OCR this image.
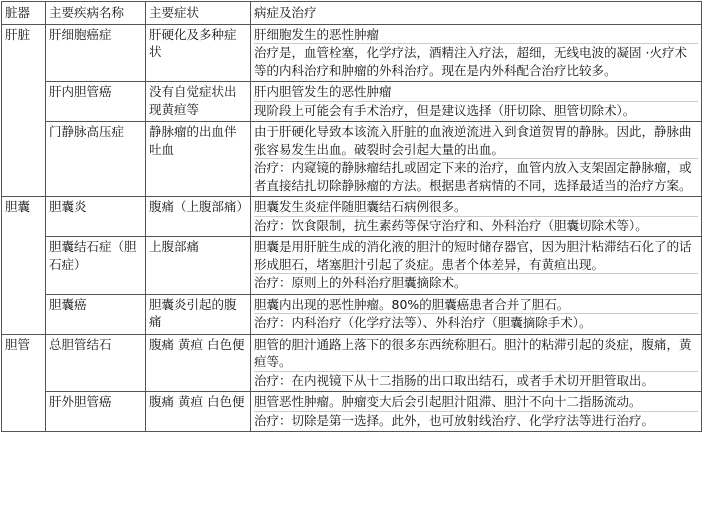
脏器	主要疾病名称	主要症状	病症及治疗
肝脏	肝细胞癌症	肝硬化及多种症状	肝细胞发生的恶性肿瘤
治疗是，血管栓塞，化学疗法，酒精注入疗法，超细，无线电波的凝固 ·火疗术等的内科治疗和肿瘤的外科治疗。现在是内外科配合治疗比较多。

	肝内胆管癌	没有自觉症状出现黄疸等	肝内胆管发生的恶性肿瘤
现阶段上可能会有手术治疗，但是建议选择（肝切除、胆管切除术）。

	门静脉高压症	静脉瘤的出血伴吐血	由于肝硬化导致本该流入肝脏的血液逆流进入到食道贺胃的静脉。因此，静脉曲张容易发生出血。破裂时会引起大量的出血。
治疗：内窥镜的静脉瘤结扎或固定下来的治疗，血管内放入支架固定静脉瘤，或者直接结扎切除静脉瘤的方法。根据患者病情的不同，选择最适当的治疗方案。

胆囊	胆囊炎	腹痛（上腹部痛）	胆囊发生炎症伴随胆囊结石病例很多。
治疗：饮食限制，抗生素药等保守治疗和、外科治疗（胆囊切除术等）。

	胆囊结石症（胆石症）	上腹部痛	胆囊是用肝脏生成的消化液的胆汁的短时储存器官，因为胆汁粘滞结石化了的话形成胆石，堵塞胆汁引起了炎症。患者个体差异，有黄疸出现。
治疗：原则上的外科治疗胆囊摘除术。

	胆囊癌	胆囊炎引起的腹痛	胆囊内出现的恶性肿瘤。80%的胆囊癌患者合并了胆石。
治疗：内科治疗（化学疗法等）、外科治疗（胆囊摘除手术）。

胆管	总胆管结石	腹痛 黄疸 白色便	胆管的胆汁通路上落下的很多东西统称胆石。胆汁的粘滞引起的炎症，腹痛，黄疸等。
治疗：在内视镜下从十二指肠的出口取出结石，或者手术切开胆管取出。

	肝外胆管癌	腹痛 黄疸 白色便	胆管恶性肿瘤。肿瘤变大后会引起胆汁阻滞、胆汁不向十二指肠流动。
治疗：切除是第一选择。此外，也可放射线治疗、化学疗法等进行治疗。
